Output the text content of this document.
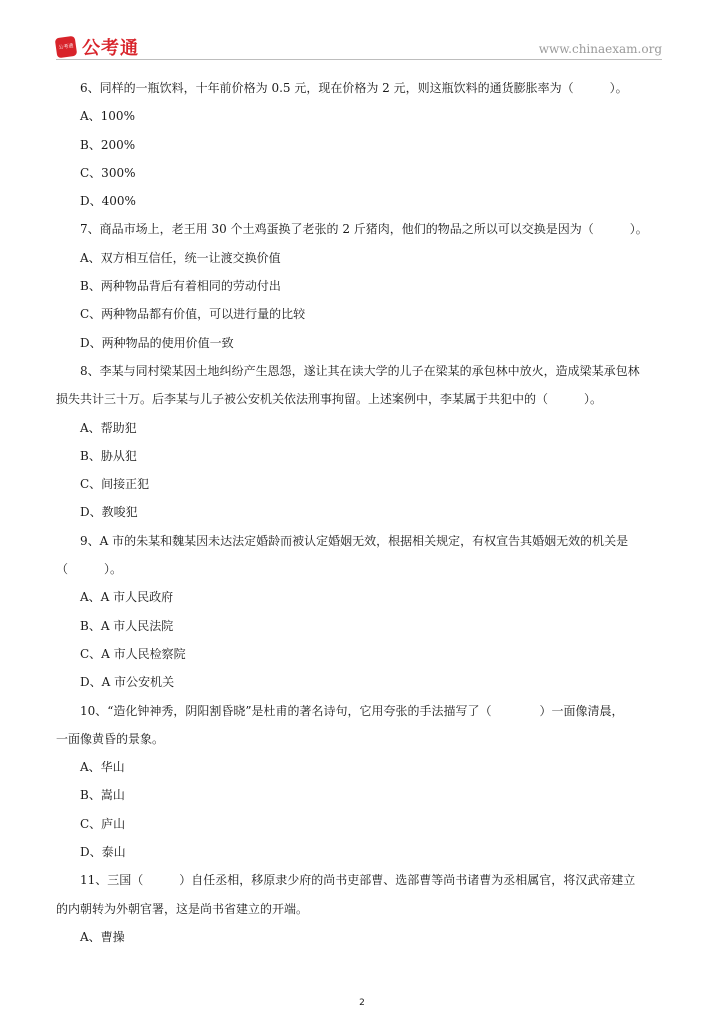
公考通 公考通	www.chinaexam.org
6、同样的一瓶饮料，十年前价格为 0.5 元，现在价格为 2 元，则这瓶饮料的通货膨胀率为（　　　）。
A、100%
B、200%
C、300%
D、400%
7、商品市场上，老王用 30 个土鸡蛋换了老张的 2 斤猪肉，他们的物品之所以可以交换是因为（　　　）。
A、双方相互信任，统一让渡交换价值
B、两种物品背后有着相同的劳动付出
C、两种物品都有价值，可以进行量的比较
D、两种物品的使用价值一致
8、李某与同村梁某因土地纠纷产生恩怨，遂让其在读大学的儿子在梁某的承包林中放火，造成梁某承包林
损失共计三十万。后李某与儿子被公安机关依法刑事拘留。上述案例中，李某属于共犯中的（　　　）。
A、帮助犯
B、胁从犯
C、间接正犯
D、教唆犯
9、A 市的朱某和魏某因未达法定婚龄而被认定婚姻无效，根据相关规定，有权宣告其婚姻无效的机关是
（　　　）。
A、A 市人民政府
B、A 市人民法院
C、A 市人民检察院
D、A 市公安机关
10、“造化钟神秀，阴阳割昏晓”是杜甫的著名诗句，它用夸张的手法描写了（　　　　）一面像清晨，
一面像黄昏的景象。
A、华山
B、嵩山
C、庐山
D、泰山
11、三国（　　　）自任丞相，移原隶少府的尚书吏部曹、选部曹等尚书诸曹为丞相属官，将汉武帝建立
的内朝转为外朝官署，这是尚书省建立的开端。
A、曹操
2
